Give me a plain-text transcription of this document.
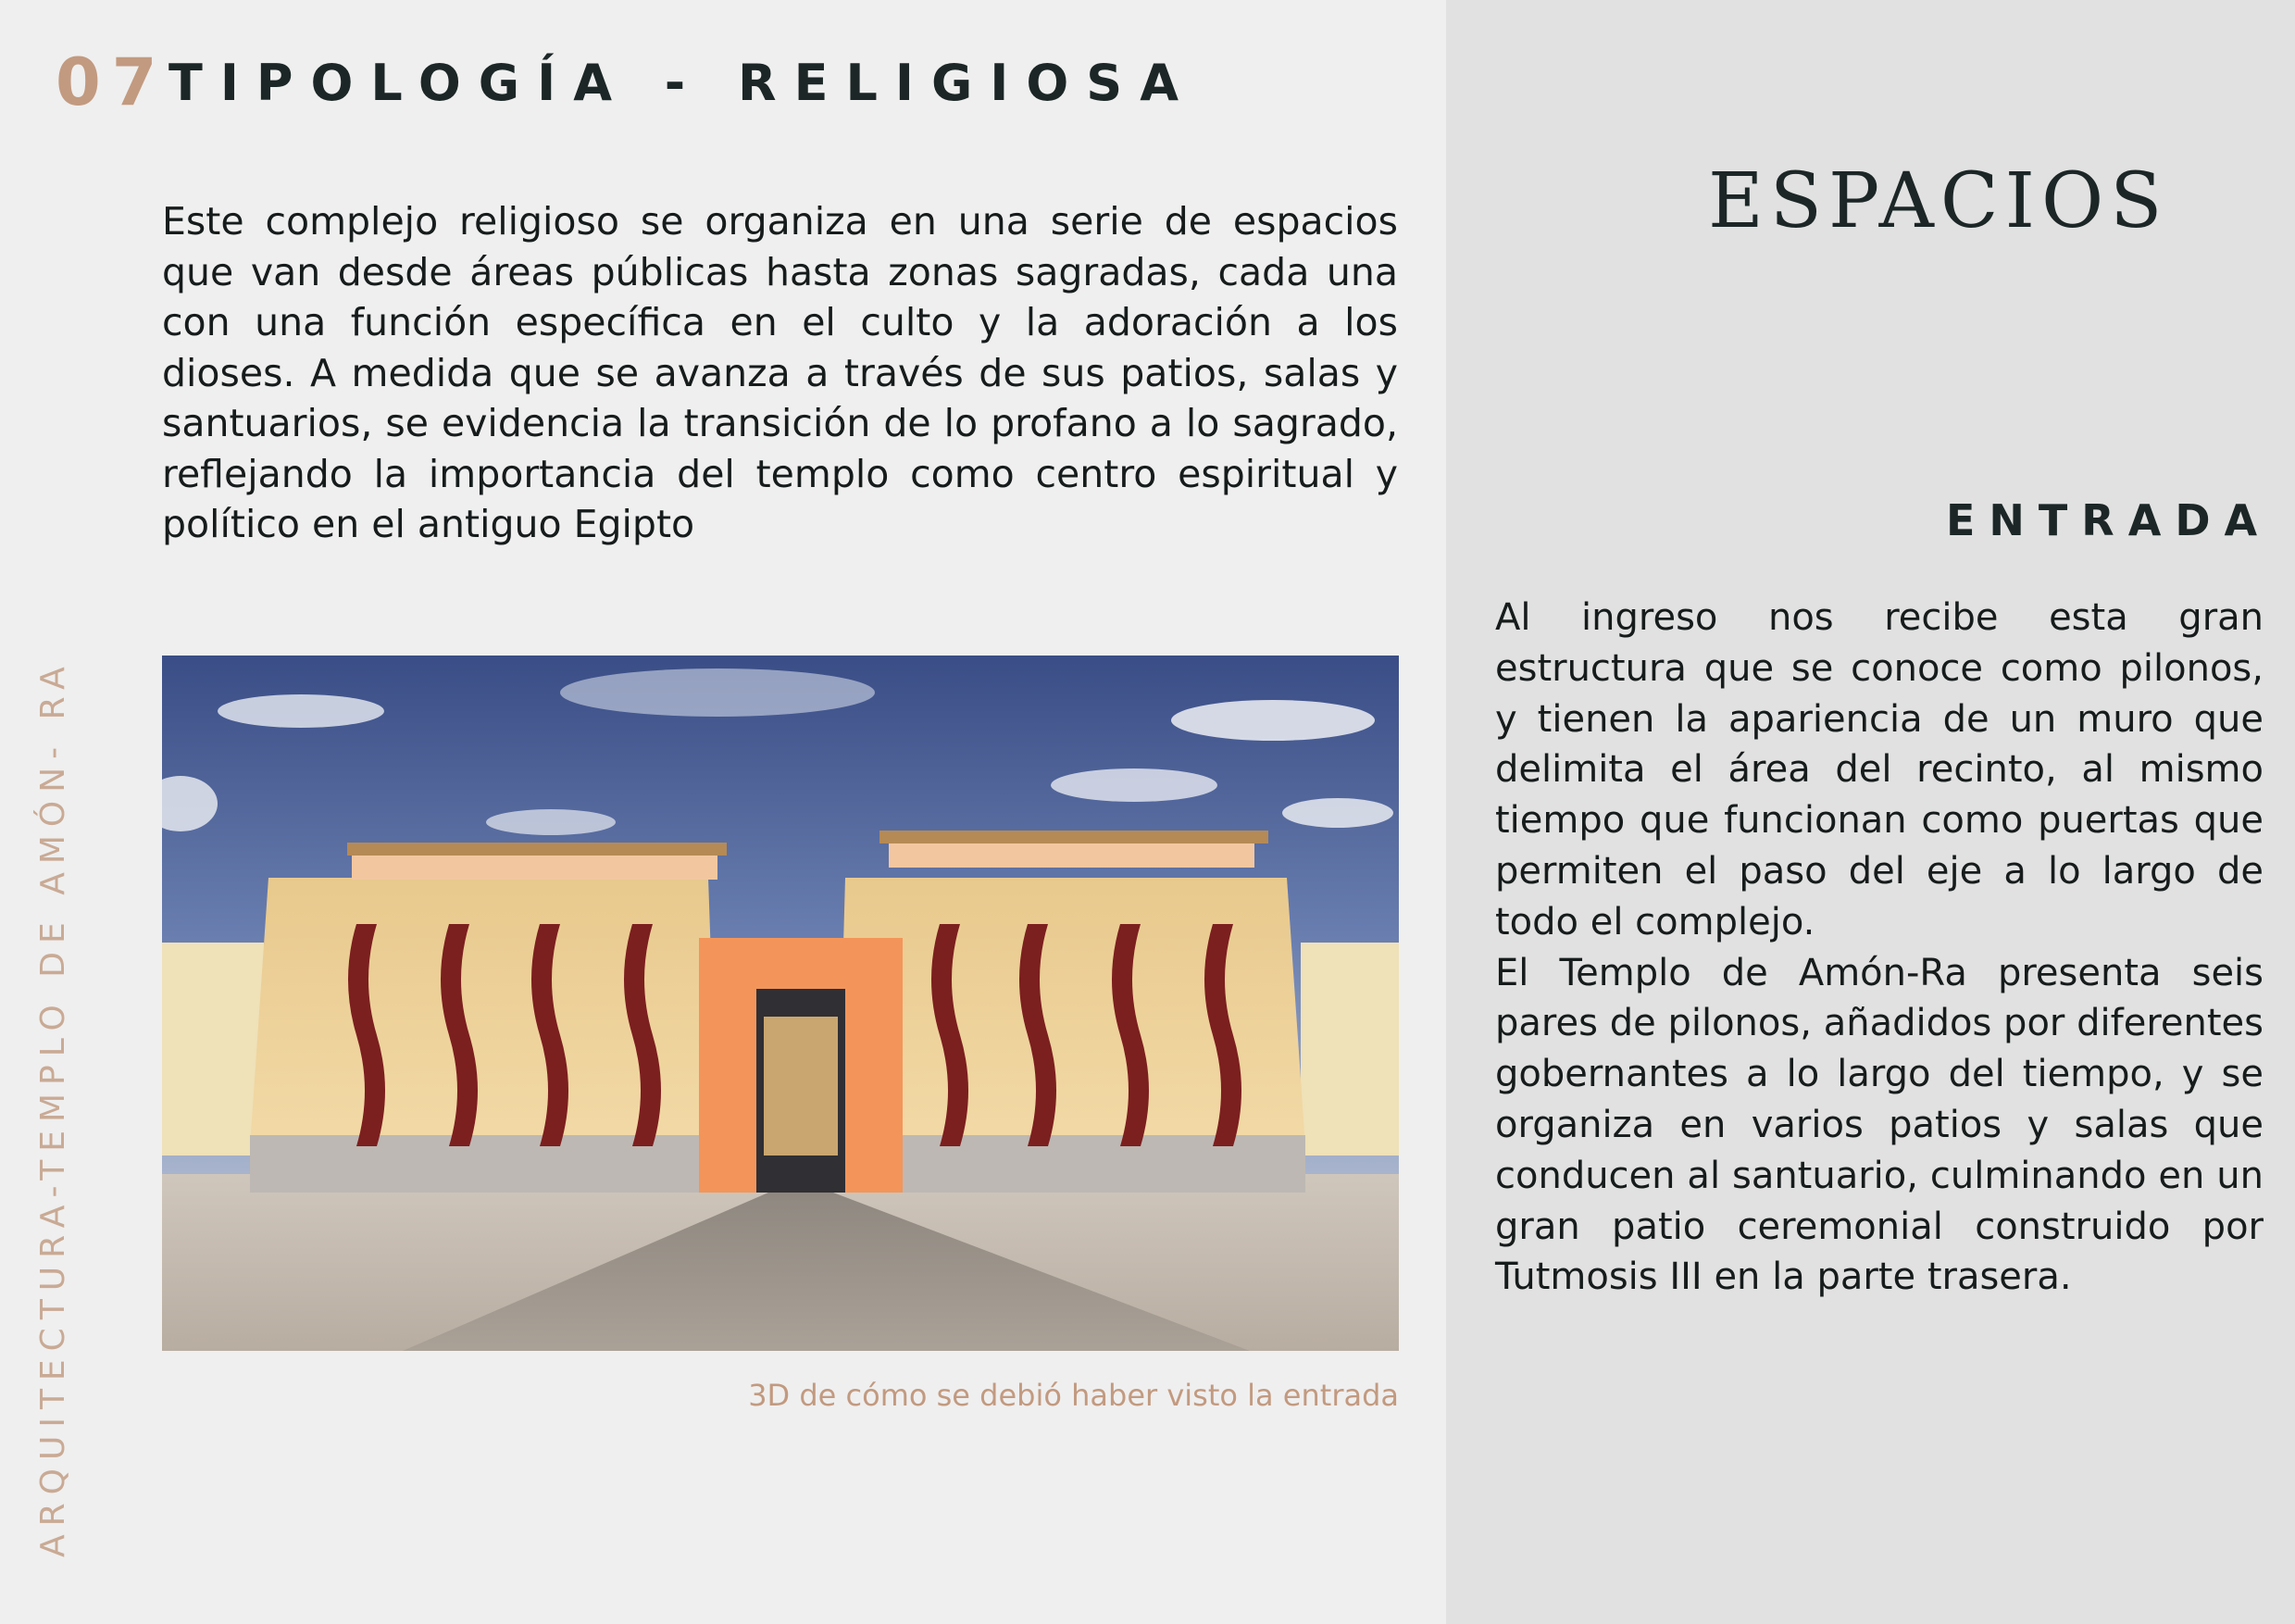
07 TIPOLOGÍA - RELIGIOSA

Este complejo religioso se organiza en una serie de espacios que van desde áreas públicas hasta zonas sagradas, cada una con una función específica en el culto y la adoración a los dioses. A medida que se avanza a través de sus patios, salas y santuarios, se evidencia la transición de lo profano a lo sagrado, reflejando la importancia del templo como centro espiritual y político en el antiguo Egipto

ARQUITECTURA-TEMPLO DE AMÓN- RA	3D de cómo se debió haber visto la entrada

ESPACIOS
ENTRADA

Al ingreso nos recibe esta gran estructura que se conoce como pilonos, y tienen la apariencia de un muro que delimita el área del recinto, al mismo tiempo que funcionan como puertas que permiten el paso del eje a lo largo de todo el complejo.

El Templo de Amón-Ra presenta seis pares de pilonos, añadidos por diferentes gobernantes a lo largo del tiempo, y se organiza en varios patios y salas que conducen al santuario, culminando en un gran patio ceremonial construido por Tutmosis III en la parte trasera.
